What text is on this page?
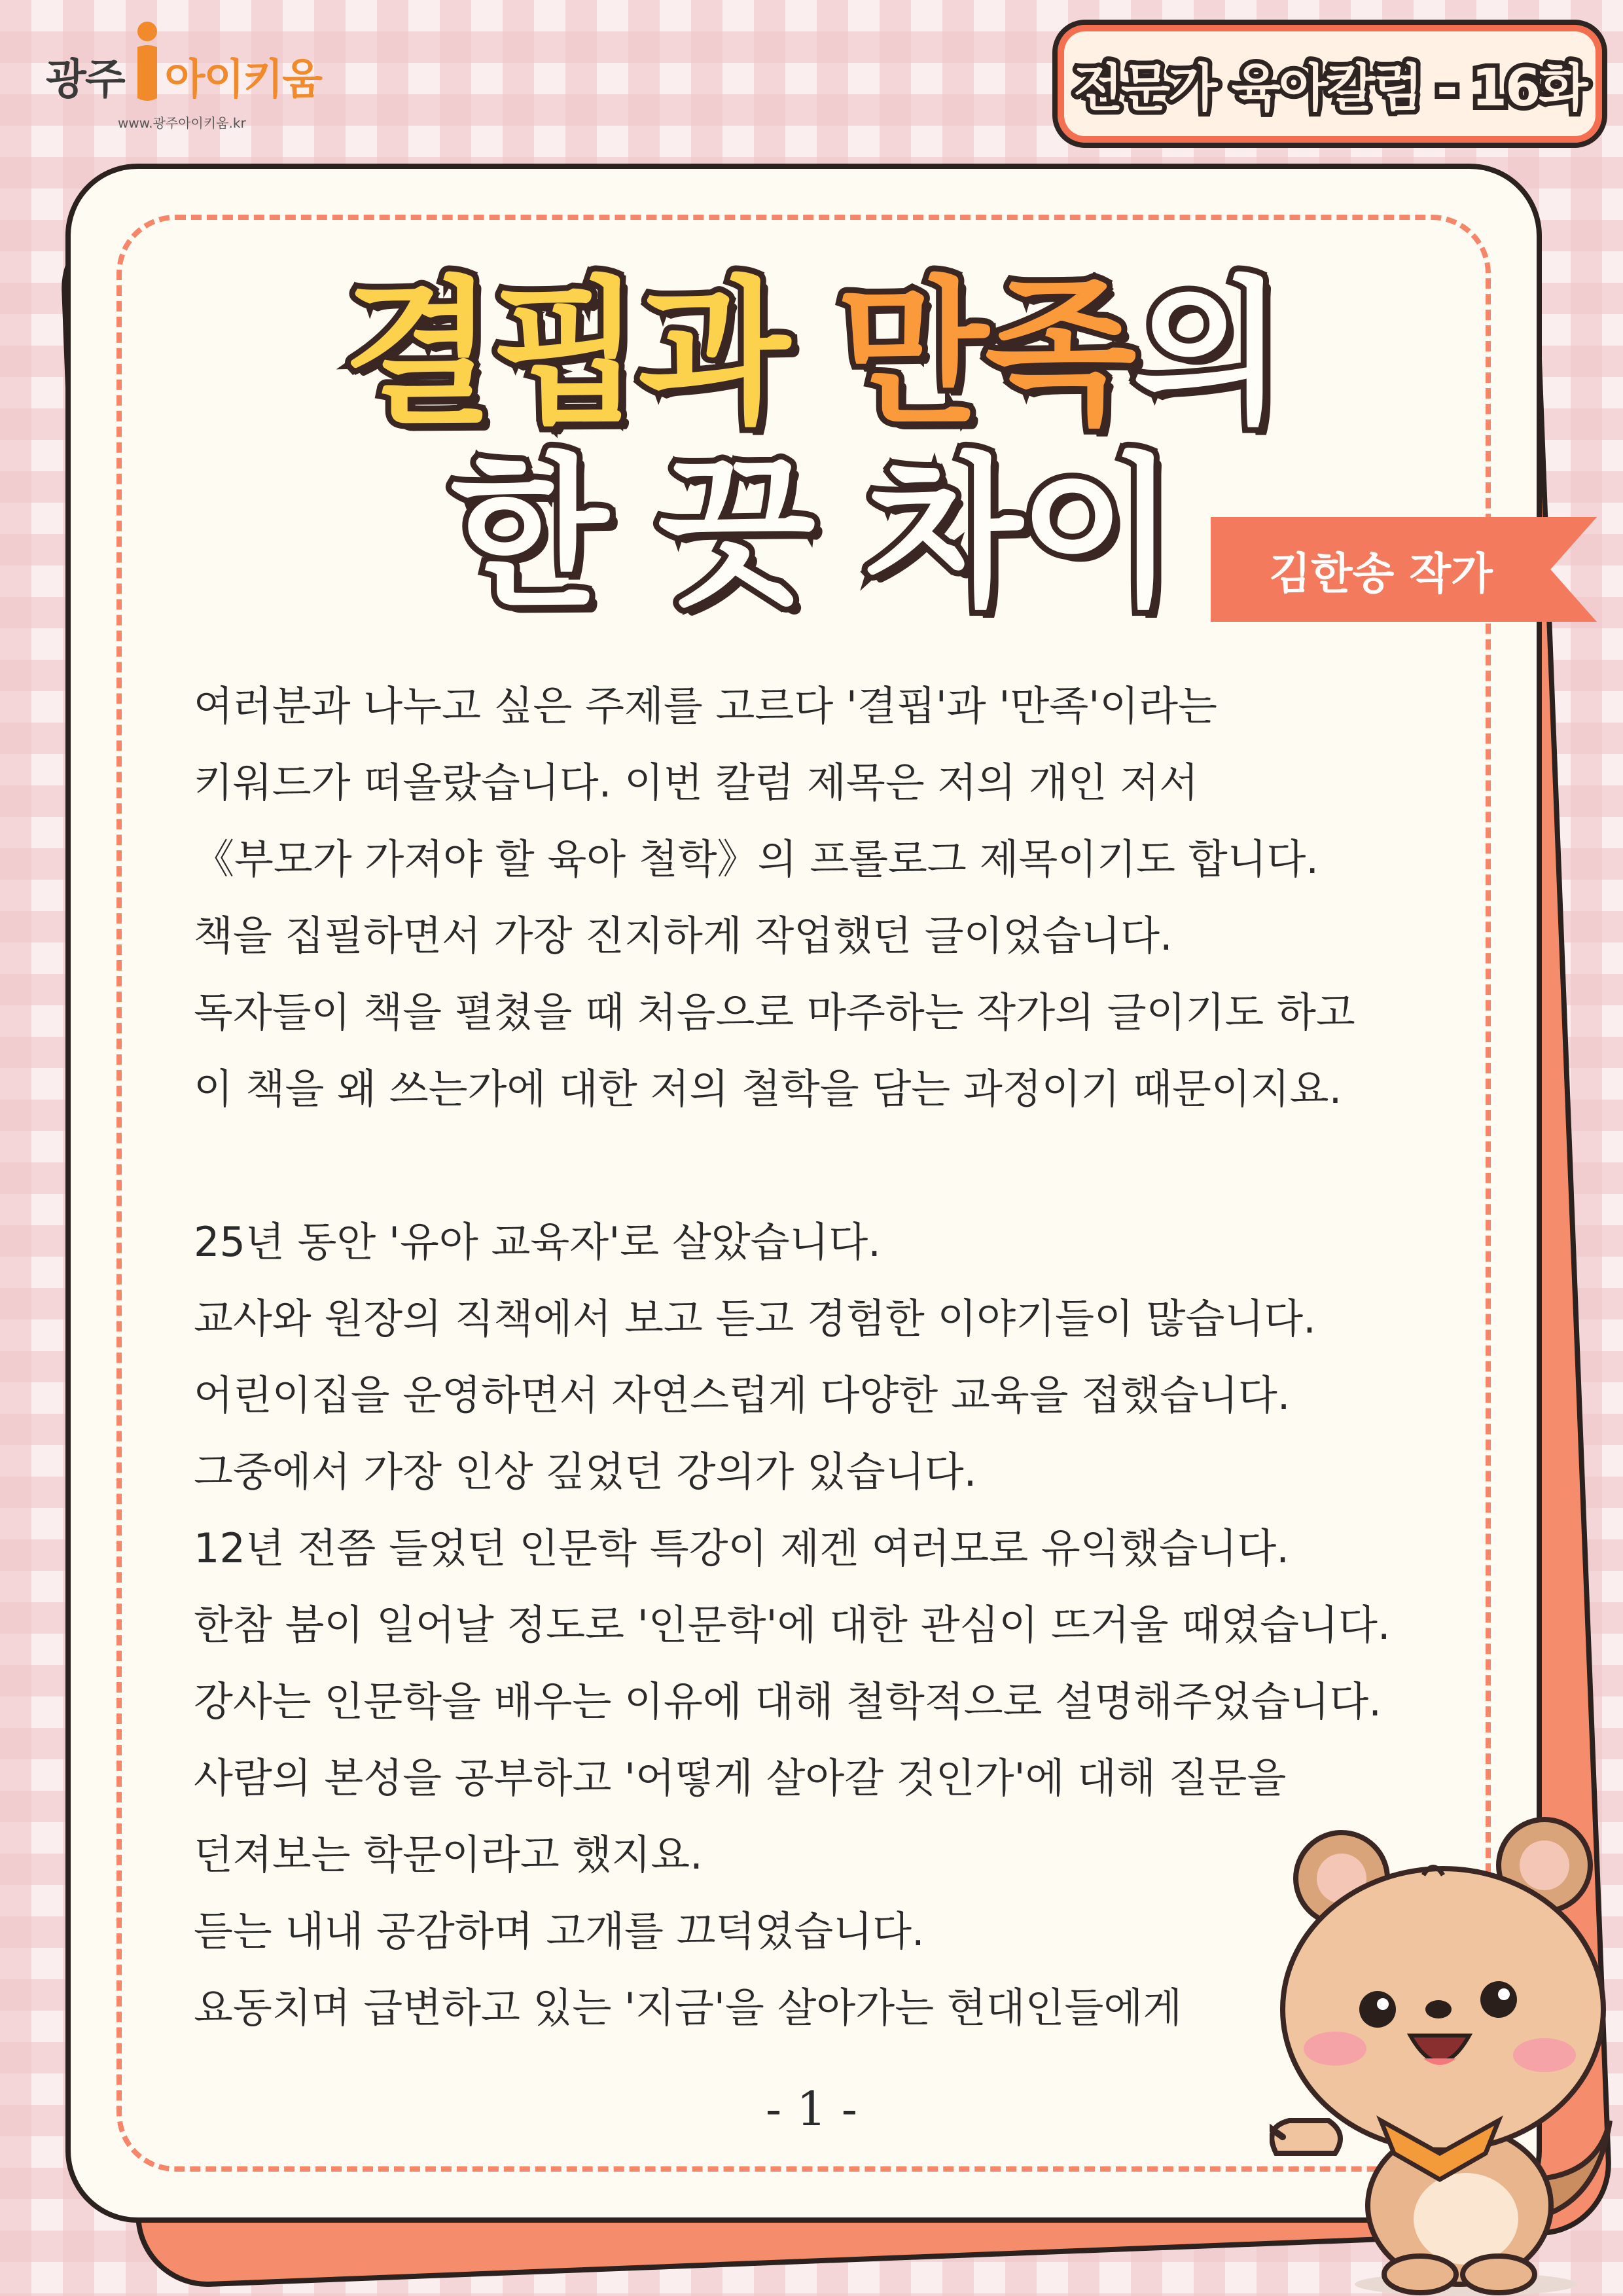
광주 아이키움
www.광주아이키움.kr
전문가 육아칼럼 - 16화
결핍과 만족의
한 끗 차이	김한송 작가
여러분과 나누고 싶은 주제를 고르다 '결핍'과 '만족'이라는
키워드가 떠올랐습니다. 이번 칼럼 제목은 저의 개인 저서
《부모가 가져야 할 육아 철학》의 프롤로그 제목이기도 합니다.
책을 집필하면서 가장 진지하게 작업했던 글이었습니다.
독자들이 책을 펼쳤을 때 처음으로 마주하는 작가의 글이기도 하고
이 책을 왜 쓰는가에 대한 저의 철학을 담는 과정이기 때문이지요.
25년 동안 '유아 교육자'로 살았습니다.
교사와 원장의 직책에서 보고 듣고 경험한 이야기들이 많습니다.
어린이집을 운영하면서 자연스럽게 다양한 교육을 접했습니다.
그중에서 가장 인상 깊었던 강의가 있습니다.
12년 전쯤 들었던 인문학 특강이 제겐 여러모로 유익했습니다.
한참 붐이 일어날 정도로 '인문학'에 대한 관심이 뜨거울 때였습니다.
강사는 인문학을 배우는 이유에 대해 철학적으로 설명해주었습니다.
사람의 본성을 공부하고 '어떻게 살아갈 것인가'에 대해 질문을
던져보는 학문이라고 했지요.
듣는 내내 공감하며 고개를 끄덕였습니다.
요동치며 급변하고 있는 '지금'을 살아가는 현대인들에게
- 1 -
